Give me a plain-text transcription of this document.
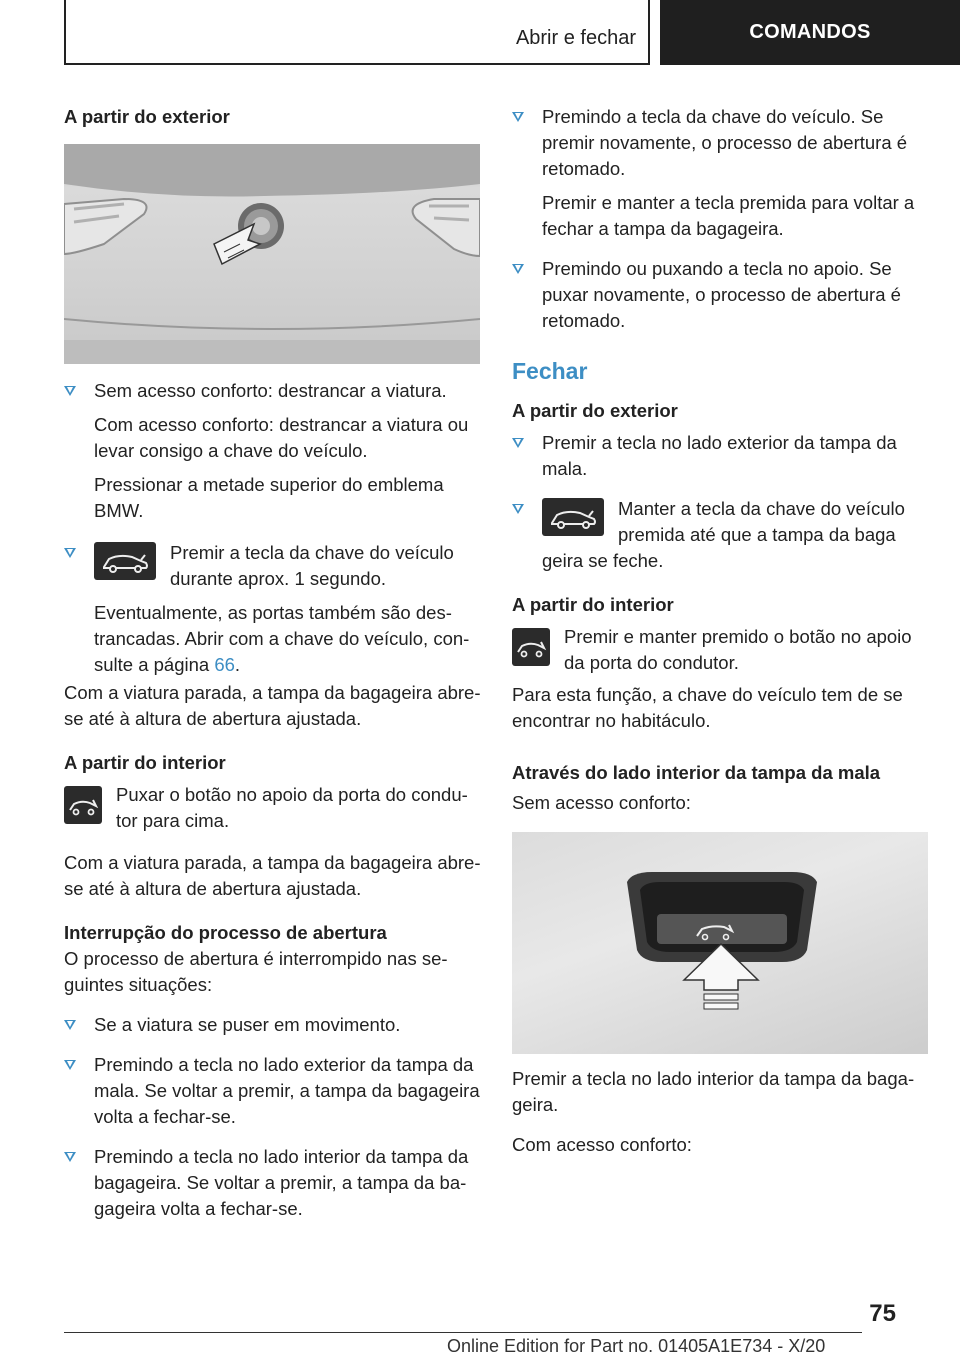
Abrir e fechar	COMANDOS
A partir do exterior

Sem acesso conforto: destrancar a viatura.

Com acesso conforto: destrancar a viatura ou levar consigo a chave do veículo.

Pressionar a metade superior do emblema BMW.

Premir a tecla da chave do veículo durante aprox. 1 segundo.

Eventualmente, as portas também são destrancadas. Abrir com a chave do veículo, consulte a página 66.

Com a viatura parada, a tampa da bagageira abre-se até à altura de abertura ajustada.

A partir do interior

Puxar o botão no apoio da porta do condutor para cima.

Com a viatura parada, a tampa da bagageira abre-se até à altura de abertura ajustada.

Interrupção do processo de abertura

O processo de abertura é interrompido nas seguintes situações:

Se a viatura se puser em movimento.

Premindo a tecla no lado exterior da tampa da mala. Se voltar a premir, a tampa da bagageira volta a fechar-se.

Premindo a tecla no lado interior da tampa da bagageira. Se voltar a premir, a tampa da bagageira volta a fechar-se.

Premindo a tecla da chave do veículo. Se premir novamente, o processo de abertura é retomado.

Premir e manter a tecla premida para voltar a fechar a tampa da bagageira.

Premindo ou puxando a tecla no apoio. Se puxar novamente, o processo de abertura é retomado.

Fechar
A partir do exterior

Premir a tecla no lado exterior da tampa da mala.

Manter a tecla da chave do veículo premida até que a tampa da baga

geira se feche.

A partir do interior

Premir e manter premido o botão no apoio da porta do condutor.

Para esta função, a chave do veículo tem de se encontrar no habitáculo.

Através do lado interior da tampa da mala

Sem acesso conforto:

Premir a tecla no lado interior da tampa da bagageira.

Com acesso conforto:

75
Online Edition for Part no. 01405A1E734 - X/20
